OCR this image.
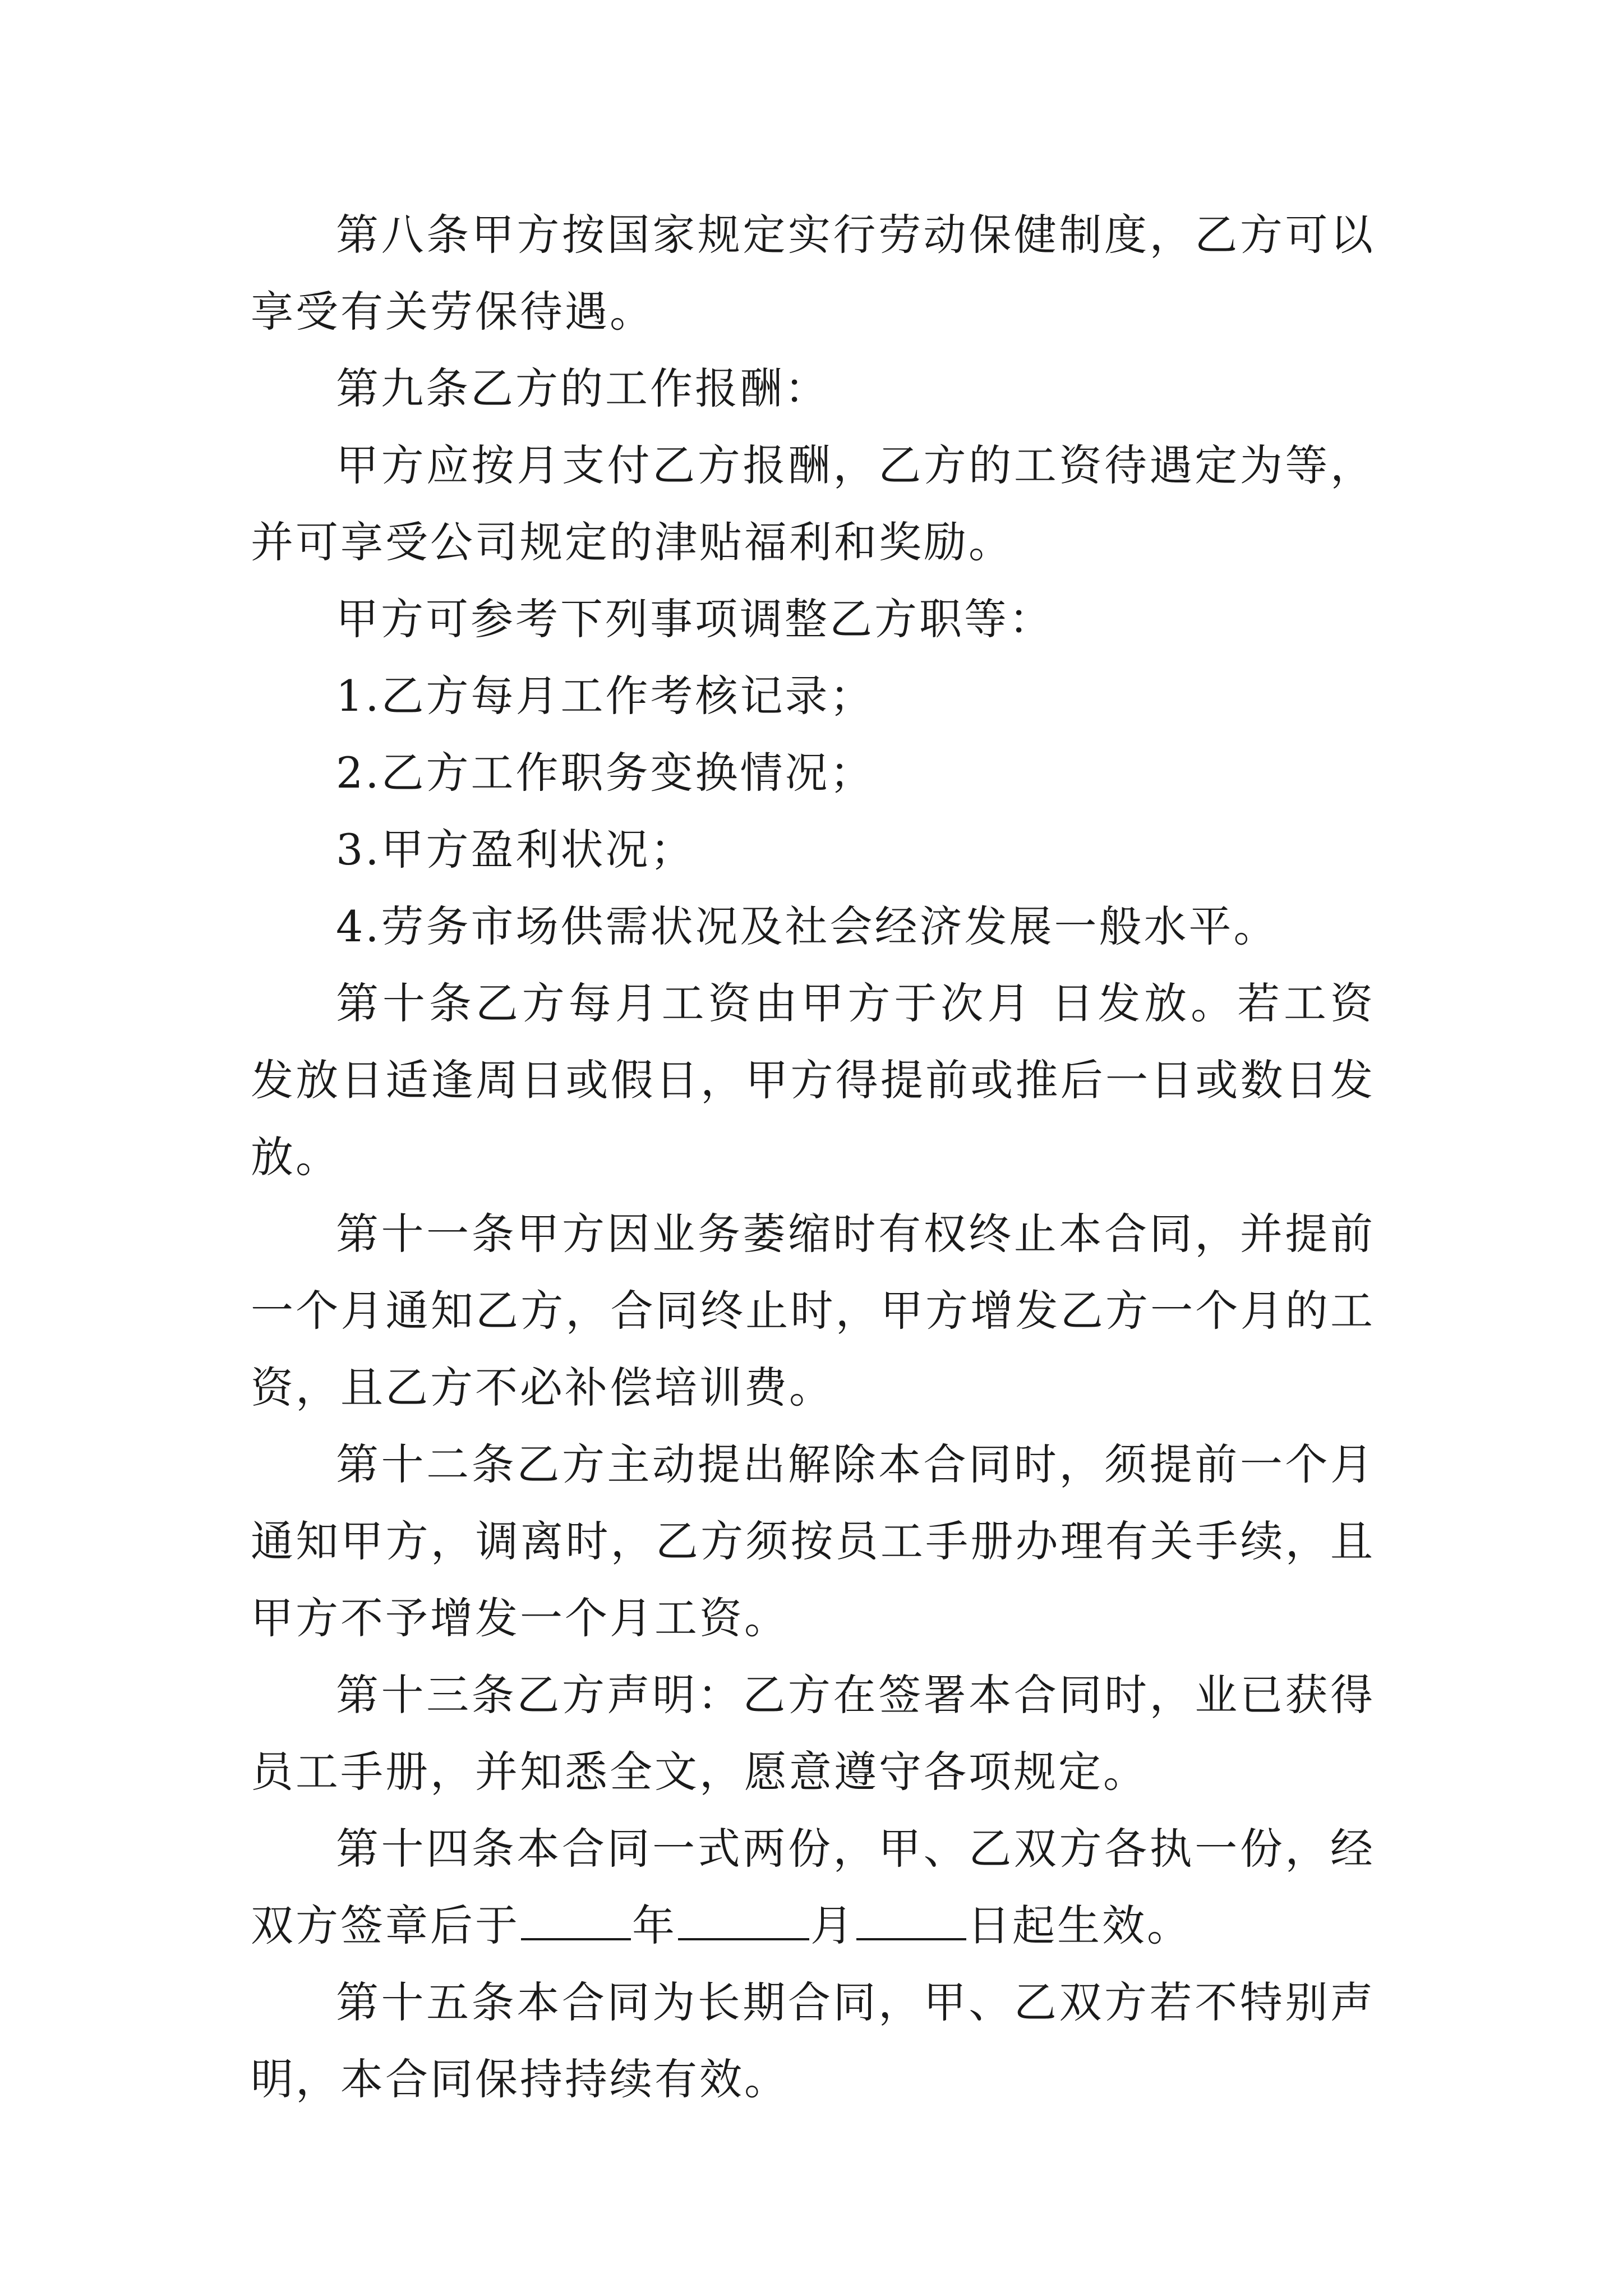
第八条甲方按国家规定实行劳动保健制度，乙方可以享受有关劳保待遇。

第九条乙方的工作报酬：

甲方应按月支付乙方报酬，乙方的工资待遇定为等，并可享受公司规定的津贴福利和奖励。

甲方可参考下列事项调整乙方职等：

1.乙方每月工作考核记录；

2.乙方工作职务变换情况；

3.甲方盈利状况；

4.劳务市场供需状况及社会经济发展一般水平。

第十条乙方每月工资由甲方于次月 日发放。若工资发放日适逢周日或假日，甲方得提前或推后一日或数日发放。

第十一条甲方因业务萎缩时有权终止本合同，并提前一个月通知乙方，合同终止时，甲方增发乙方一个月的工资，且乙方不必补偿培训费。

第十二条乙方主动提出解除本合同时，须提前一个月通知甲方，调离时，乙方须按员工手册办理有关手续，且甲方不予增发一个月工资。

第十三条乙方声明：乙方在签署本合同时，业已获得员工手册，并知悉全文，愿意遵守各项规定。

第十四条本合同一式两份，甲、乙双方各执一份，经双方签章后于	年	月	日起生效。

第十五条本合同为长期合同，甲、乙双方若不特别声明，本合同保持持续有效。
